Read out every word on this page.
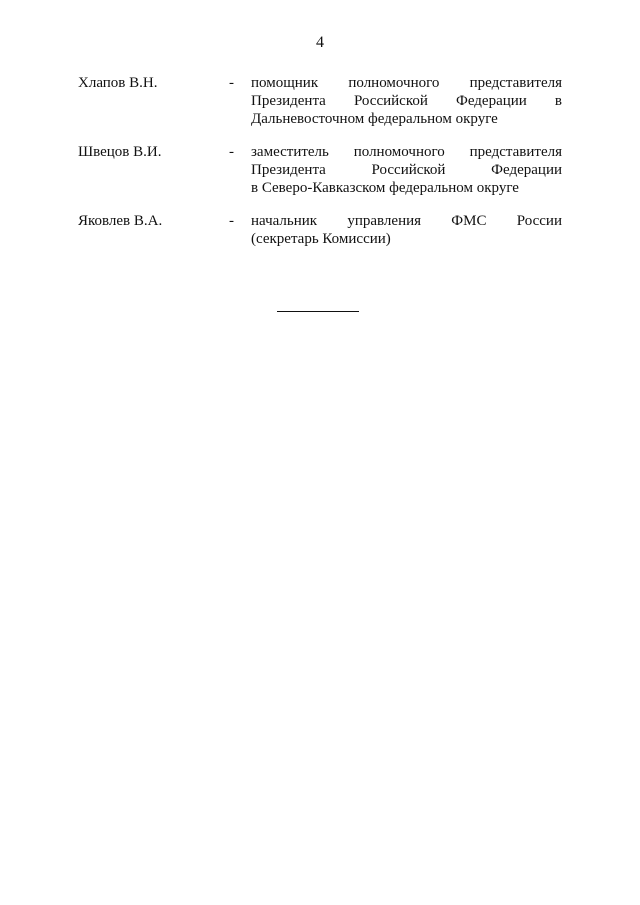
4
Хлапов В.Н.	- помощник полномочного представителя
Президента Российской Федерации в
Дальневосточном федеральном округе
Швецов В.И.	- заместитель полномочного представителя
Президента Российской Федерации
в Северо-Кавказском федеральном округе
Яковлев В.А.	- начальник управления ФМС России
(секретарь Комиссии)
